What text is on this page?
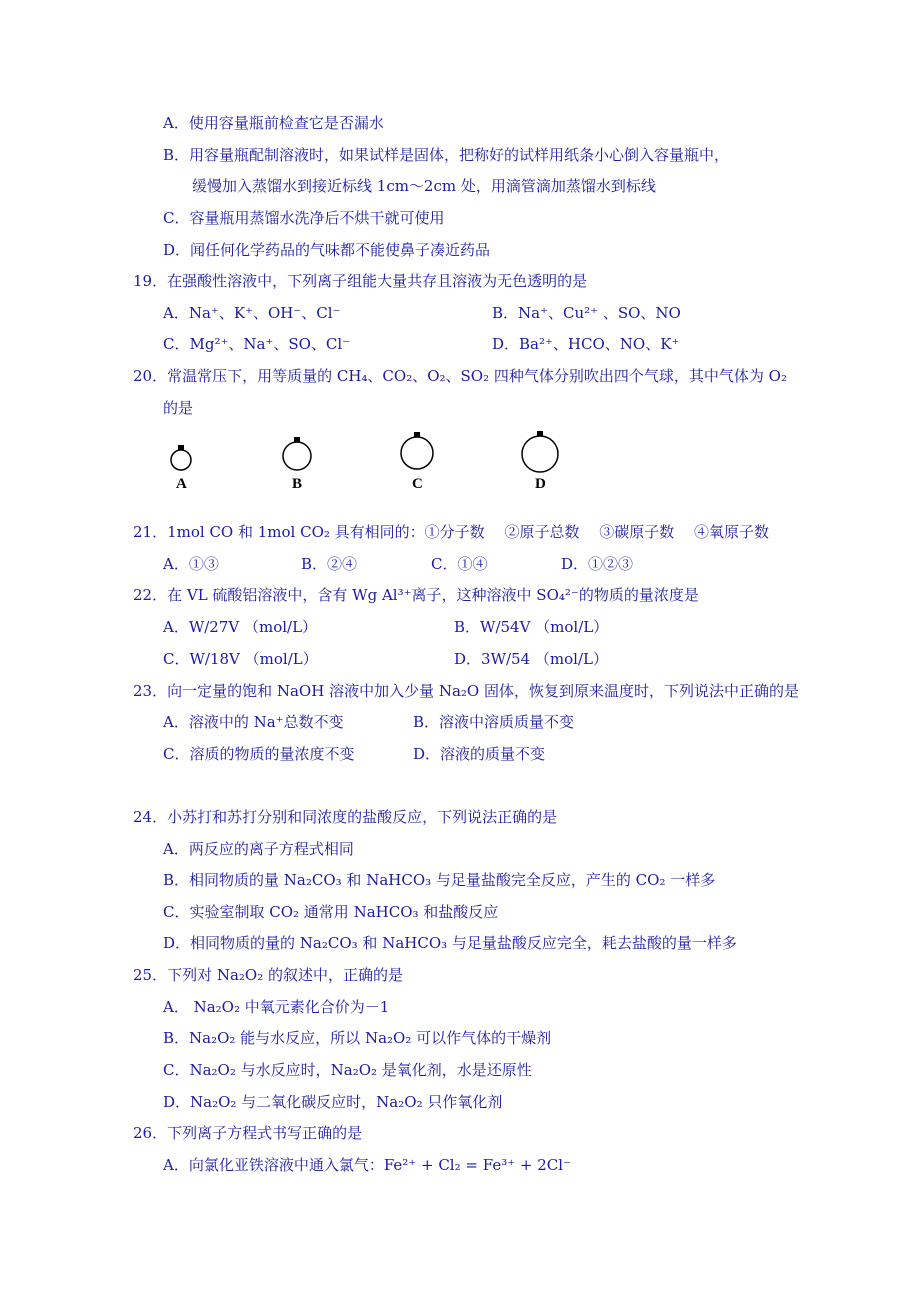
A．使用容量瓶前检查它是否漏水
B．用容量瓶配制溶液时，如果试样是固体，把称好的试样用纸条小心倒入容量瓶中，
缓慢加入蒸馏水到接近标线 1cm～2cm 处，用滴管滴加蒸馏水到标线
C．容量瓶用蒸馏水洗净后不烘干就可使用
D．闻任何化学药品的气味都不能使鼻子凑近药品
19．在强酸性溶液中，下列离子组能大量共存且溶液为无色透明的是
A．Na⁺、K⁺、OH⁻、Cl⁻	B．Na⁺、Cu²⁺ 、SO、NO
C．Mg²⁺、Na⁺、SO、Cl⁻	D．Ba²⁺、HCO、NO、K⁺
20．常温常压下，用等质量的 CH₄、CO₂、O₂、SO₂ 四种气体分别吹出四个气球，其中气体为 O₂
的是
A	B	C	D
21．1mol CO 和 1mol CO₂ 具有相同的：①分子数　 ②原子总数　 ③碳原子数　 ④氧原子数
A．①③	B．②④	C．①④	D．①②③
22．在 VL 硫酸铝溶液中，含有 Wg Al³⁺离子，这种溶液中 SO₄²⁻的物质的量浓度是
A．W/27V （mol/L）	B．W/54V （mol/L）
C．W/18V （mol/L）	D．3W/54 （mol/L）
23．向一定量的饱和 NaOH 溶液中加入少量 Na₂O 固体，恢复到原来温度时，下列说法中正确的是
A．溶液中的 Na⁺总数不变	B．溶液中溶质质量不变
C．溶质的物质的量浓度不变	D．溶液的质量不变
24．小苏打和苏打分别和同浓度的盐酸反应，下列说法正确的是
A．两反应的离子方程式相同
B．相同物质的量 Na₂CO₃ 和 NaHCO₃ 与足量盐酸完全反应，产生的 CO₂ 一样多
C．实验室制取 CO₂ 通常用 NaHCO₃ 和盐酸反应
D．相同物质的量的 Na₂CO₃ 和 NaHCO₃ 与足量盐酸反应完全，耗去盐酸的量一样多
25．下列对 Na₂O₂ 的叙述中，正确的是
A． Na₂O₂ 中氧元素化合价为－1
B．Na₂O₂ 能与水反应，所以 Na₂O₂ 可以作气体的干燥剂
C．Na₂O₂ 与水反应时，Na₂O₂ 是氧化剂，水是还原性
D．Na₂O₂ 与二氧化碳反应时，Na₂O₂ 只作氧化剂
26．下列离子方程式书写正确的是
A．向氯化亚铁溶液中通入氯气：Fe²⁺ + Cl₂ = Fe³⁺ + 2Cl⁻
